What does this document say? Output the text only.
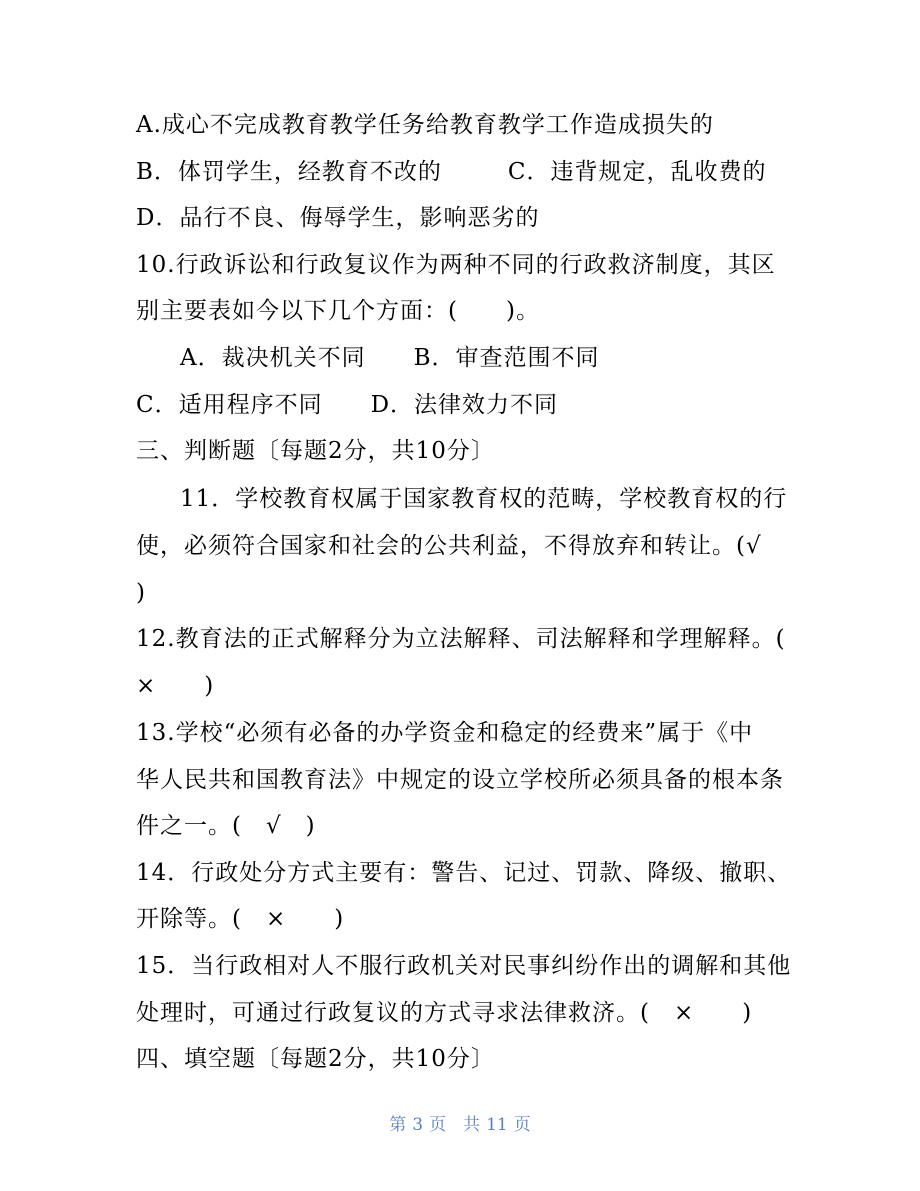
A.成心不完成教育教学任务给教育教学工作造成损失的
B．体罚学生，经教育不改的	C．违背规定，乱收费的
D．品行不良、侮辱学生，影响恶劣的
10.行政诉讼和行政复议作为两种不同的行政救济制度，其区
别主要表如今以下几个方面：(　　)。
A．裁决机关不同 B．审查范围不同
C．适用程序不同 D．法律效力不同
三、判断题〔每题2分，共10分〕
11．学校教育权属于国家教育权的范畴，学校教育权的行
使，必须符合国家和社会的公共利益，不得放弃和转让。(√
)
12.教育法的正式解释分为立法解释、司法解释和学理解释。(
×　　)
13.学校“必须有必备的办学资金和稳定的经费来”属于《中
华人民共和国教育法》中规定的设立学校所必须具备的根本条
件之一。(　√　)
14．行政处分方式主要有：警告、记过、罚款、降级、撤职、
开除等。(　×　　)
15．当行政相对人不服行政机关对民事纠纷作出的调解和其他
处理时，可通过行政复议的方式寻求法律救济。(　×　　)
四、填空题〔每题2分，共10分〕
第 3 页　共 11 页
